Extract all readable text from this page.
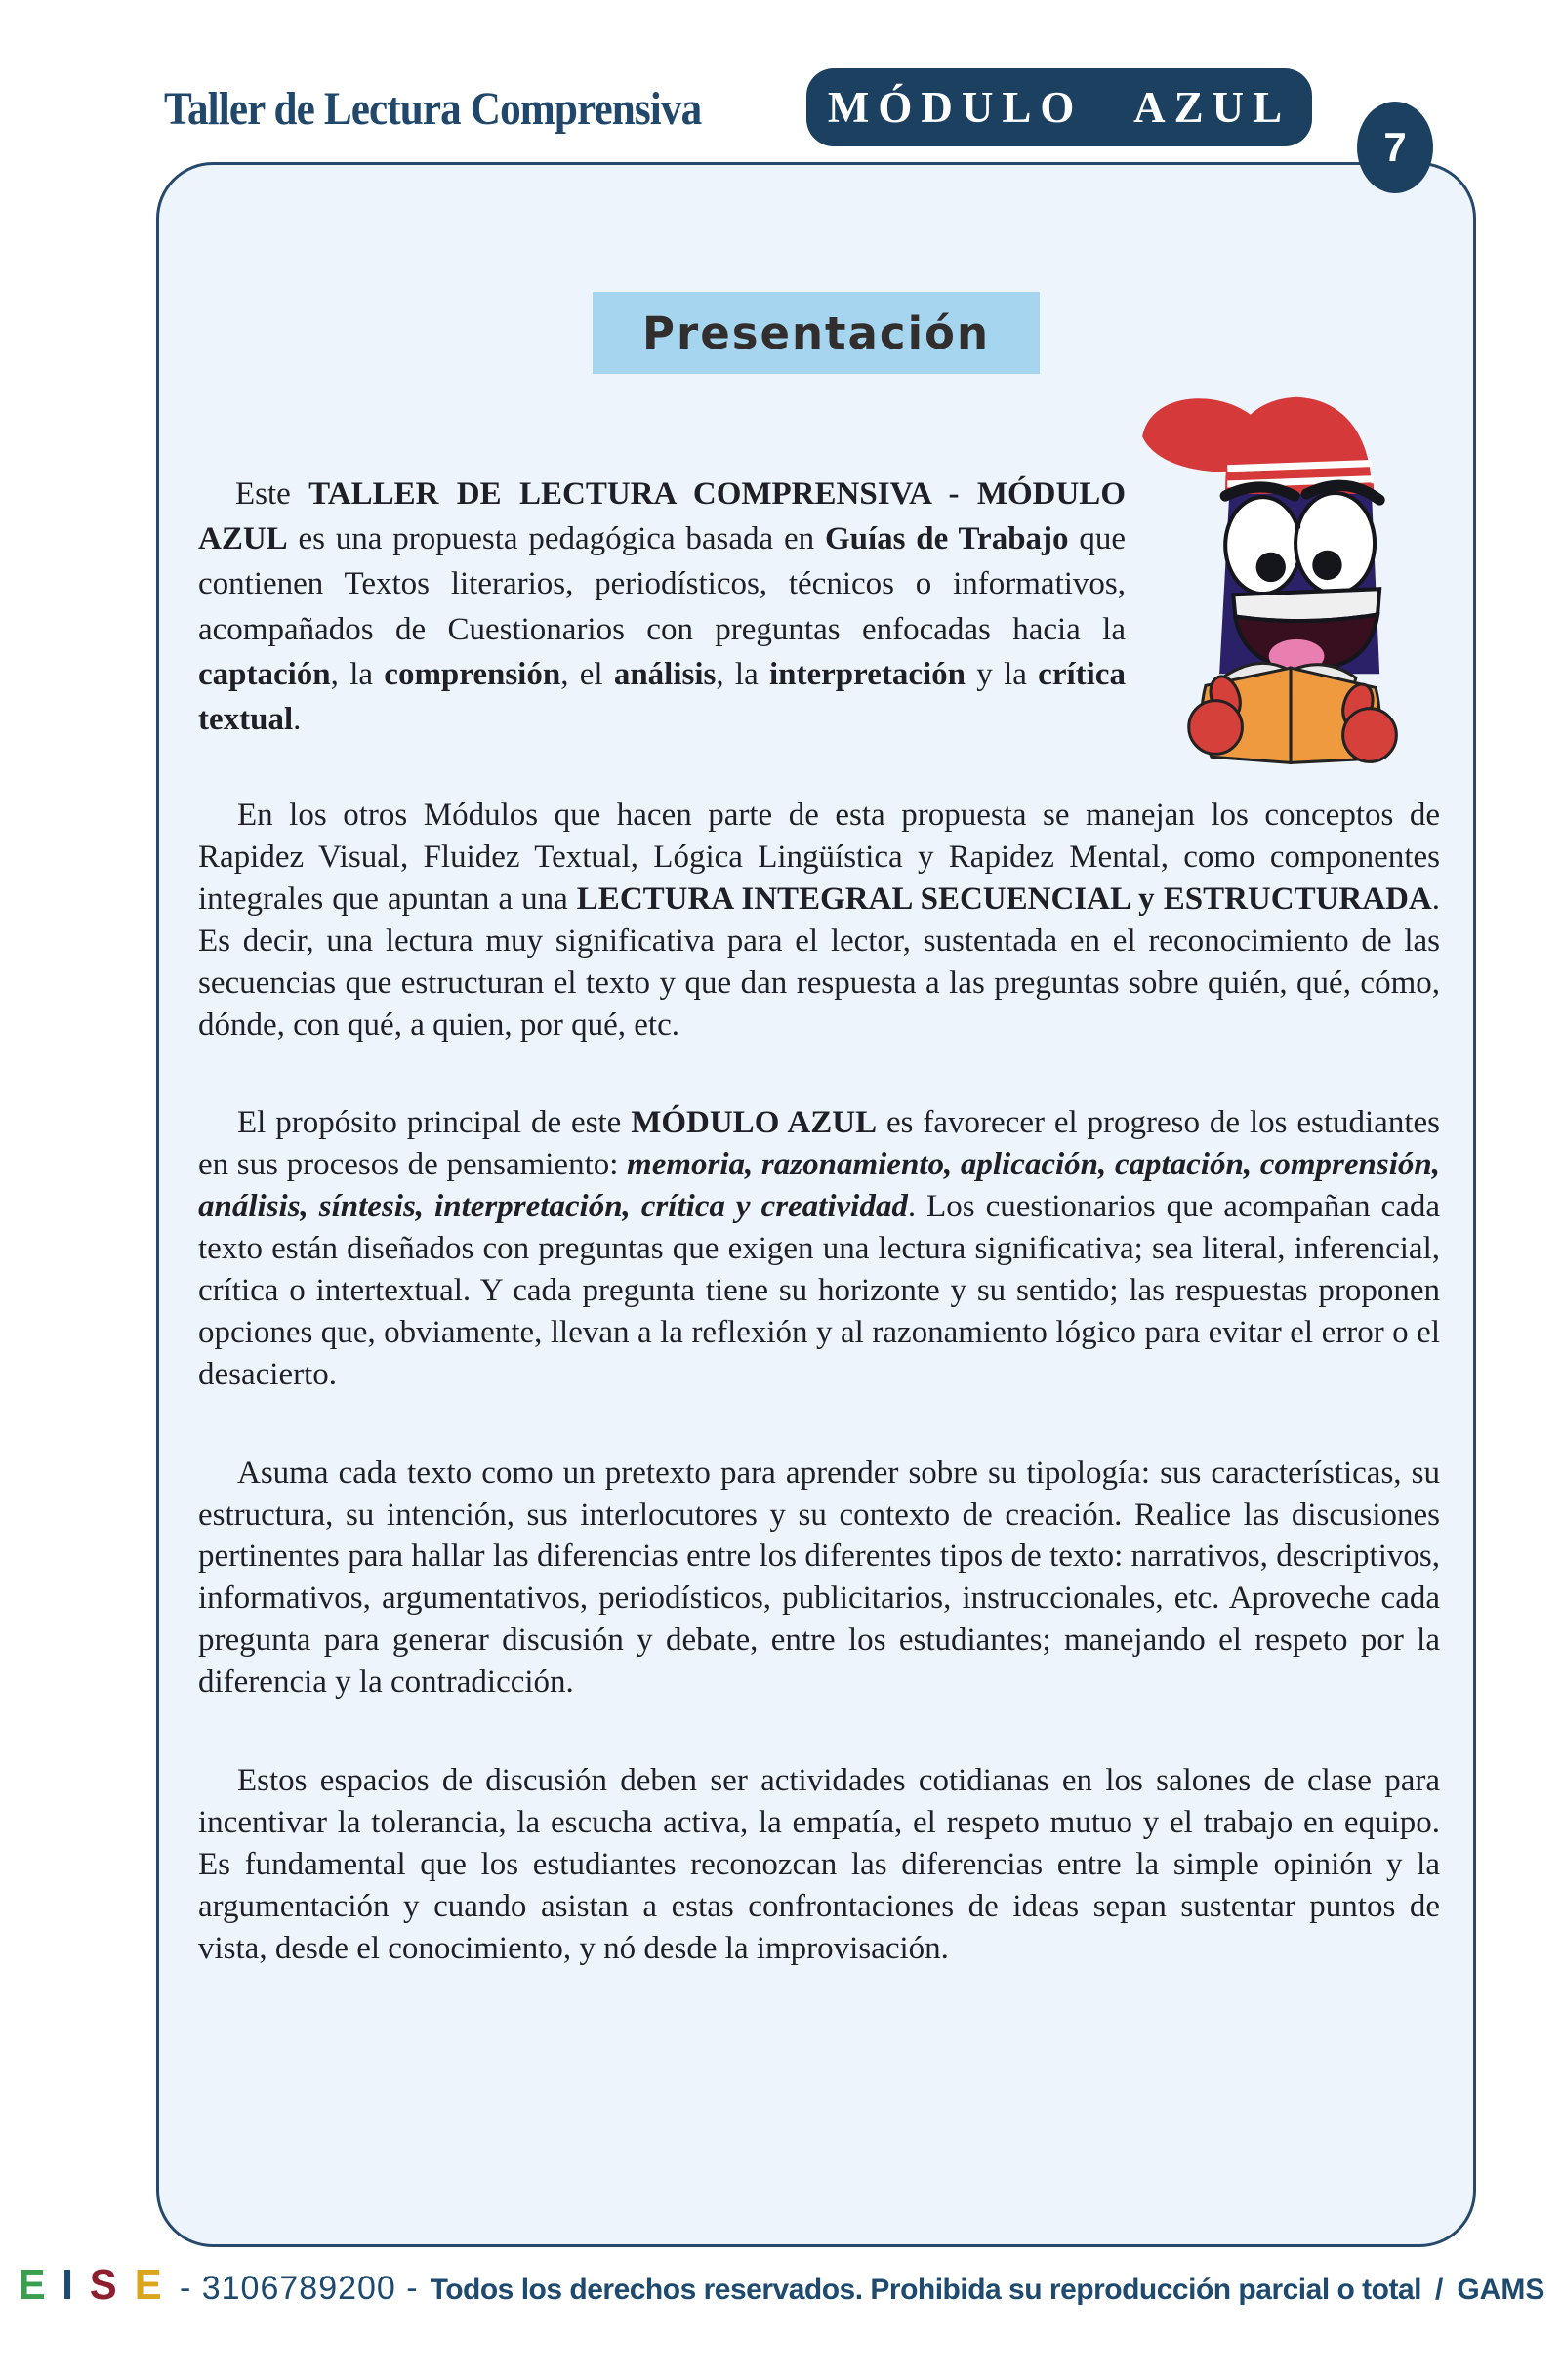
Taller de Lectura Comprensiva	MÓDULO AZUL
7
Presentación

Este TALLER DE LECTURA COMPRENSIVA - MÓDULO AZUL es una propuesta pedagógica basada en Guías de Trabajo que contienen Textos literarios, periodísticos, técnicos o informativos, acompañados de Cuestionarios con preguntas enfocadas hacia la captación, la comprensión, el análisis, la interpretación y la crítica textual.

En los otros Módulos que hacen parte de esta propuesta se manejan los conceptos de Rapidez Visual, Fluidez Textual, Lógica Lingüística y Rapidez Mental, como componentes integrales que apuntan a una LECTURA INTEGRAL SECUENCIAL y ESTRUCTURADA. Es decir, una lectura muy significativa para el lector, sustentada en el reconocimiento de las secuencias que estructuran el texto y que dan respuesta a las preguntas sobre quién, qué, cómo, dónde, con qué, a quien, por qué, etc.

El propósito principal de este MÓDULO AZUL es favorecer el progreso de los estudiantes en sus procesos de pensamiento: memoria, razonamiento, aplicación, captación, comprensión, análisis, síntesis, interpretación, crítica y creatividad. Los cuestionarios que acompañan cada texto están diseñados con preguntas que exigen una lectura significativa; sea literal, inferencial, crítica o intertextual. Y cada pregunta tiene su horizonte y su sentido; las respuestas proponen opciones que, obviamente, llevan a la reflexión y al razonamiento lógico para evitar el error o el desacierto.

Asuma cada texto como un pretexto para aprender sobre su tipología: sus características, su estructura, su intención, sus interlocutores y su contexto de creación. Realice las discusiones pertinentes para hallar las diferencias entre los diferentes tipos de texto: narrativos, descriptivos, informativos, argumentativos, periodísticos, publicitarios, instruccionales, etc. Aproveche cada pregunta para generar discusión y debate, entre los estudiantes; manejando el respeto por la diferencia y la contradicción.

Estos espacios de discusión deben ser actividades cotidianas en los salones de clase para incentivar la tolerancia, la escucha activa, la empatía, el respeto mutuo y el trabajo en equipo. Es fundamental que los estudiantes reconozcan las diferencias entre la simple opinión y la argumentación y cuando asistan a estas confrontaciones de ideas sepan sustentar puntos de vista, desde el conocimiento, y nó desde la improvisación.

E I S E - 3106789200 - Todos los derechos reservados. Prohibida su reproducción parcial o total / GAMS
